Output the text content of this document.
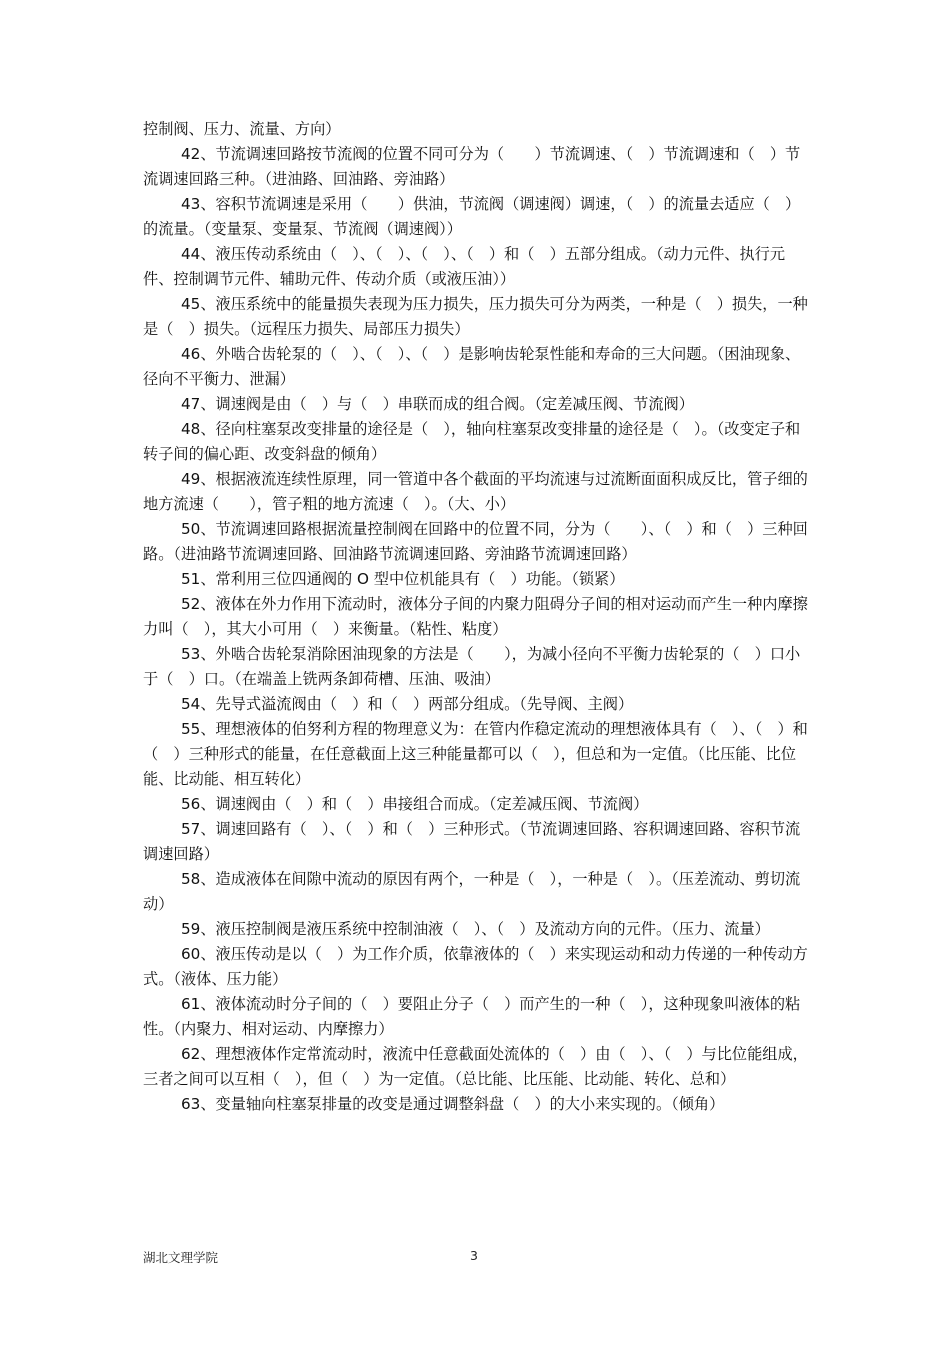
控制阀、压力、流量、方向）

42、节流调速回路按节流阀的位置不同可分为（　　）节流调速、（　）节流调速和（　）节流调速回路三种。（进油路、回油路、旁油路）

43、容积节流调速是采用（　　）供油，节流阀（调速阀）调速，（　）的流量去适应（　）的流量。（变量泵、变量泵、节流阀（调速阀））

44、液压传动系统由（　）、（　）、（　）、（　）和（　）五部分组成。（动力元件、执行元件、控制调节元件、辅助元件、传动介质（或液压油））

45、液压系统中的能量损失表现为压力损失，压力损失可分为两类，一种是（　）损失，一种是（　）损失。（远程压力损失、局部压力损失）

46、外啮合齿轮泵的（　）、（　）、（　）是影响齿轮泵性能和寿命的三大问题。（困油现象、径向不平衡力、泄漏）

47、调速阀是由（　）与（　）串联而成的组合阀。（定差减压阀、节流阀）

48、径向柱塞泵改变排量的途径是（　），轴向柱塞泵改变排量的途径是（　）。（改变定子和转子间的偏心距、改变斜盘的倾角）

49、根据液流连续性原理，同一管道中各个截面的平均流速与过流断面面积成反比，管子细的地方流速（　　），管子粗的地方流速（　）。（大、小）

50、节流调速回路根据流量控制阀在回路中的位置不同，分为（　　）、（　）和（　）三种回路。（进油路节流调速回路、回油路节流调速回路、旁油路节流调速回路）

51、常利用三位四通阀的 O 型中位机能具有（　）功能。（锁紧）

52、液体在外力作用下流动时，液体分子间的内聚力阻碍分子间的相对运动而产生一种内摩擦力叫（　），其大小可用（　）来衡量。（粘性、粘度）

53、外啮合齿轮泵消除困油现象的方法是（　　），为减小径向不平衡力齿轮泵的（　）口小于（　）口。（在端盖上铣两条卸荷槽、压油、吸油）

54、先导式溢流阀由（　）和（　）两部分组成。（先导阀、主阀）

55、理想液体的伯努利方程的物理意义为：在管内作稳定流动的理想液体具有（　）、（　）和（　）三种形式的能量，在任意截面上这三种能量都可以（　），但总和为一定值。（比压能、比位能、比动能、相互转化）

56、调速阀由（　）和（　）串接组合而成。（定差减压阀、节流阀）

57、调速回路有（　）、（　）和（　）三种形式。（节流调速回路、容积调速回路、容积节流调速回路）

58、造成液体在间隙中流动的原因有两个，一种是（　），一种是（　）。（压差流动、剪切流动）

59、液压控制阀是液压系统中控制油液（　）、（　）及流动方向的元件。（压力、流量）

60、液压传动是以（　）为工作介质，依靠液体的（　）来实现运动和动力传递的一种传动方式。（液体、压力能）

61、液体流动时分子间的（　）要阻止分子（　）而产生的一种（　），这种现象叫液体的粘性。（内聚力、相对运动、内摩擦力）

62、理想液体作定常流动时，液流中任意截面处流体的（　）由（　）、（　）与比位能组成，三者之间可以互相（　），但（　）为一定值。（总比能、比压能、比动能、转化、总和）

63、变量轴向柱塞泵排量的改变是通过调整斜盘（　）的大小来实现的。（倾角）

湖北文理学院	3
